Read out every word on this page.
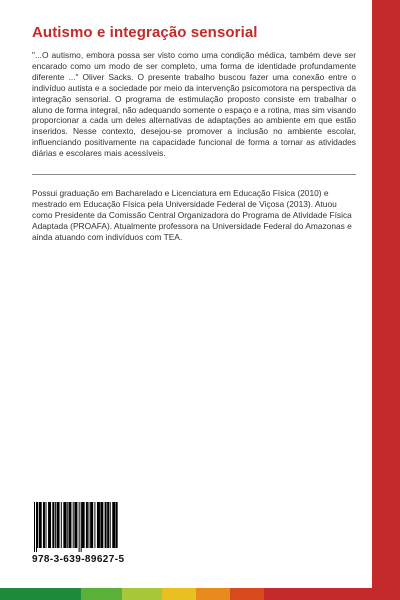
Autismo e integração sensorial

"...O autismo, embora possa ser visto como uma condição médica, também deve ser encarado como um modo de ser completo, uma forma de identidade profundamente diferente ..." Oliver Sacks. O presente trabalho buscou fazer uma conexão entre o indivíduo autista e a sociedade por meio da intervenção psicomotora na perspectiva da integração sensorial. O programa de estimulação proposto consiste em trabalhar o aluno de forma integral, não adequando somente o espaço e a rotina, mas sim visando proporcionar a cada um deles alternativas de adaptações ao ambiente em que estão inseridos. Nesse contexto, desejou-se promover a inclusão no ambiente escolar, influenciando positivamente na capacidade funcional de forma a tornar as atividades diárias e escolares mais acessíveis.

Possui graduação em Bacharelado e Licenciatura em Educação Física (2010) e mestrado em Educação Física pela Universidade Federal de Viçosa (2013). Atuou como Presidente da Comissão Central Organizadora do Programa de Atividade Física Adaptada (PROAFA). Atualmente professora na Universidade Federal do Amazonas e ainda atuando com indivíduos com TEA.

978-3-639-89627-5
